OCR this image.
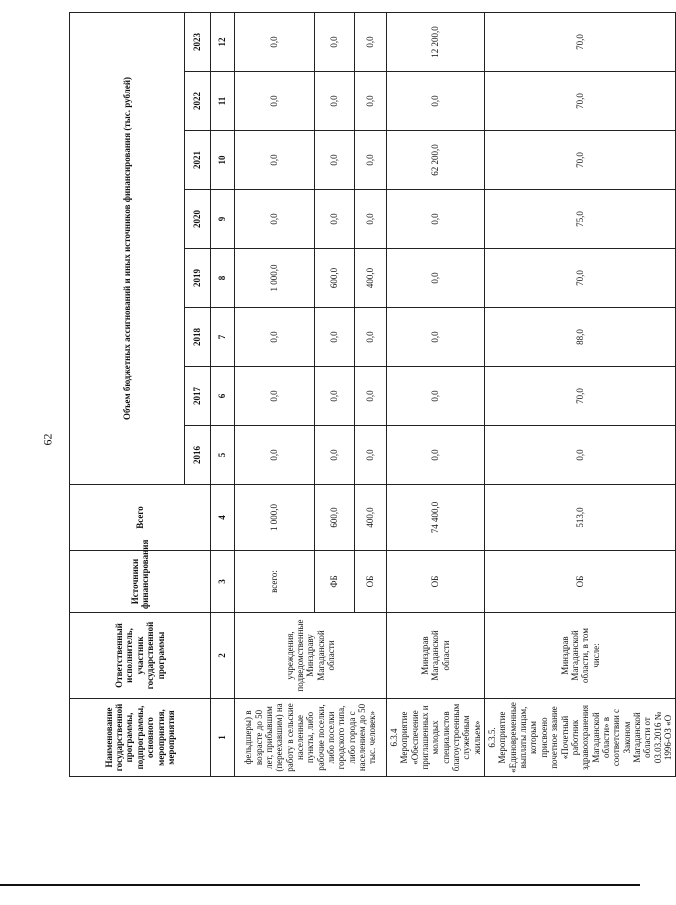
62
Наименование государственной программы, подпрограммы, основного мероприятия, мероприятия	Ответственный исполнитель, участник государственной программы	Источники финансирования	Всего	Объем бюджетных ассигнований и иных источников финансирования (тыс. рублей)							
				2016	2017	2018	2019	2020	2021	2022	2023

1	2	3	4	5	6	7	8	9	10	11	12
фельдшеры) в возрасте до 50 лет, прибывшим (переехавшим) на работу в сельские населенные пункты, либо рабочие поселки, либо поселки городского типа, либо города с населением до 50 тыс. человек»	учреждения, подведомственные Минздраву Магаданской области	всего:	1 000,0	0,0	0,0	0,0	1 000,0	0,0	0,0	0,0	0,0
		ФБ	600,0	0,0	0,0	0,0	600,0	0,0	0,0	0,0	0,0
		ОБ	400,0	0,0	0,0	0,0	400,0	0,0	0,0	0,0	0,0
6.3.4 Мероприятие «Обеспечение приглашенных и молодых специалистов благоустроенным служебным жильем»	Минздрав Магаданской области	ОБ	74 400,0	0,0	0,0	0,0	0,0	0,0	62 200,0	0,0	12 200,0
6.3.5. Мероприятие «Единовременные выплаты лицам, которым присвоено почетное звание «Почетный работник здравоохранения Магаданской области» в соответствии с Законом Магаданской области от 03.03.2016 № 1996-ОЗ «О	Минздрав Магаданской области, в том числе:	ОБ	513,0	0,0	70,0	88,0	70,0	75,0	70,0	70,0	70,0
